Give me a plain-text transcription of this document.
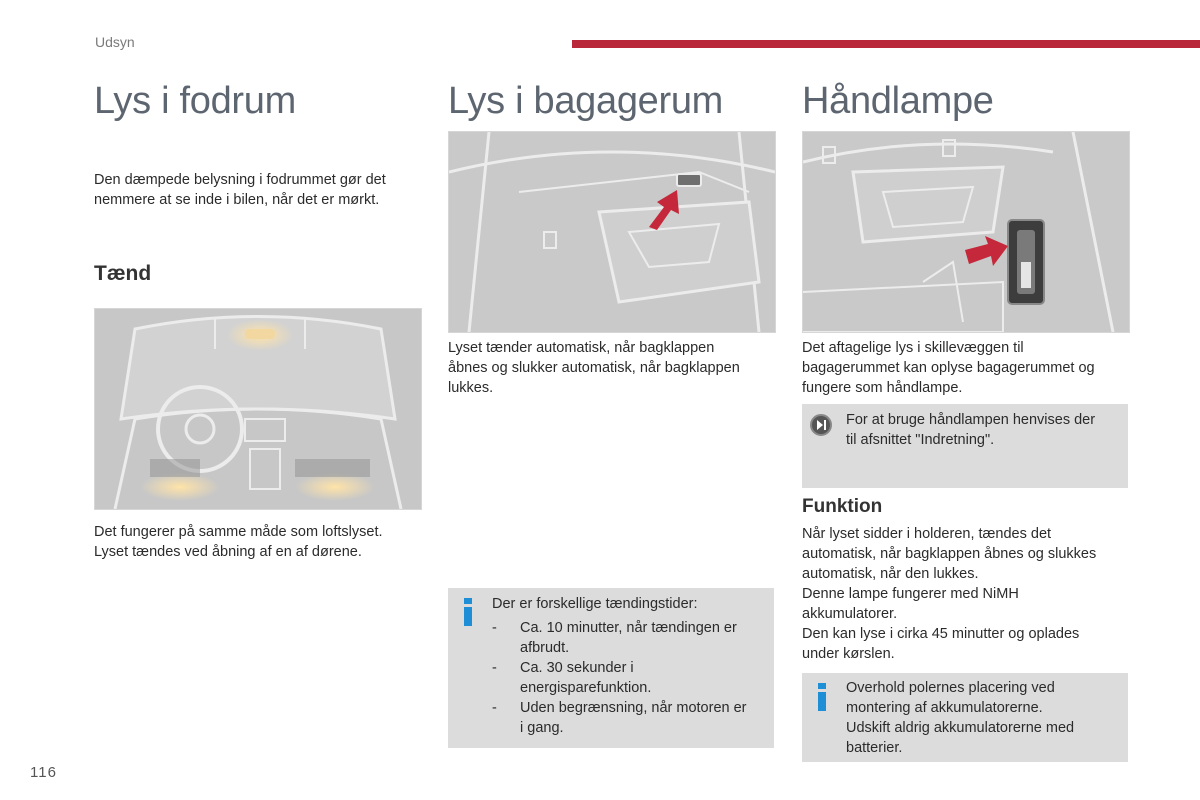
Udsyn
Lys i fodrum

Den dæmpede belysning i fodrummet gør det
nemmere at se inde i bilen, når det er mørkt.

Tænd

Det fungerer på samme måde som loftslyset.
Lyset tændes ved åbning af en af dørene.

Lys i bagagerum

Lyset tænder automatisk, når bagklappen
åbnes og slukker automatisk, når bagklappen
lukkes.

Der er forskellige tændingstider:

- Ca. 10 minutter, når tændingen er
afbrudt.
- Ca. 30 sekunder i
energisparefunktion.
- Uden begrænsning, når motoren er
i gang.
Håndlampe

Det aftagelige lys i skillevæggen til
bagagerummet kan oplyse bagagerummet og
fungere som håndlampe.

For at bruge håndlampen henvises der
til afsnittet "Indretning".

Funktion

Når lyset sidder i holderen, tændes det
automatisk, når bagklappen åbnes og slukkes
automatisk, når den lukkes.
Denne lampe fungerer med NiMH
akkumulatorer.
Den kan lyse i cirka 45 minutter og oplades
under kørslen.

Overhold polernes placering ved
montering af akkumulatorerne.
Udskift aldrig akkumulatorerne med
batterier.

116
